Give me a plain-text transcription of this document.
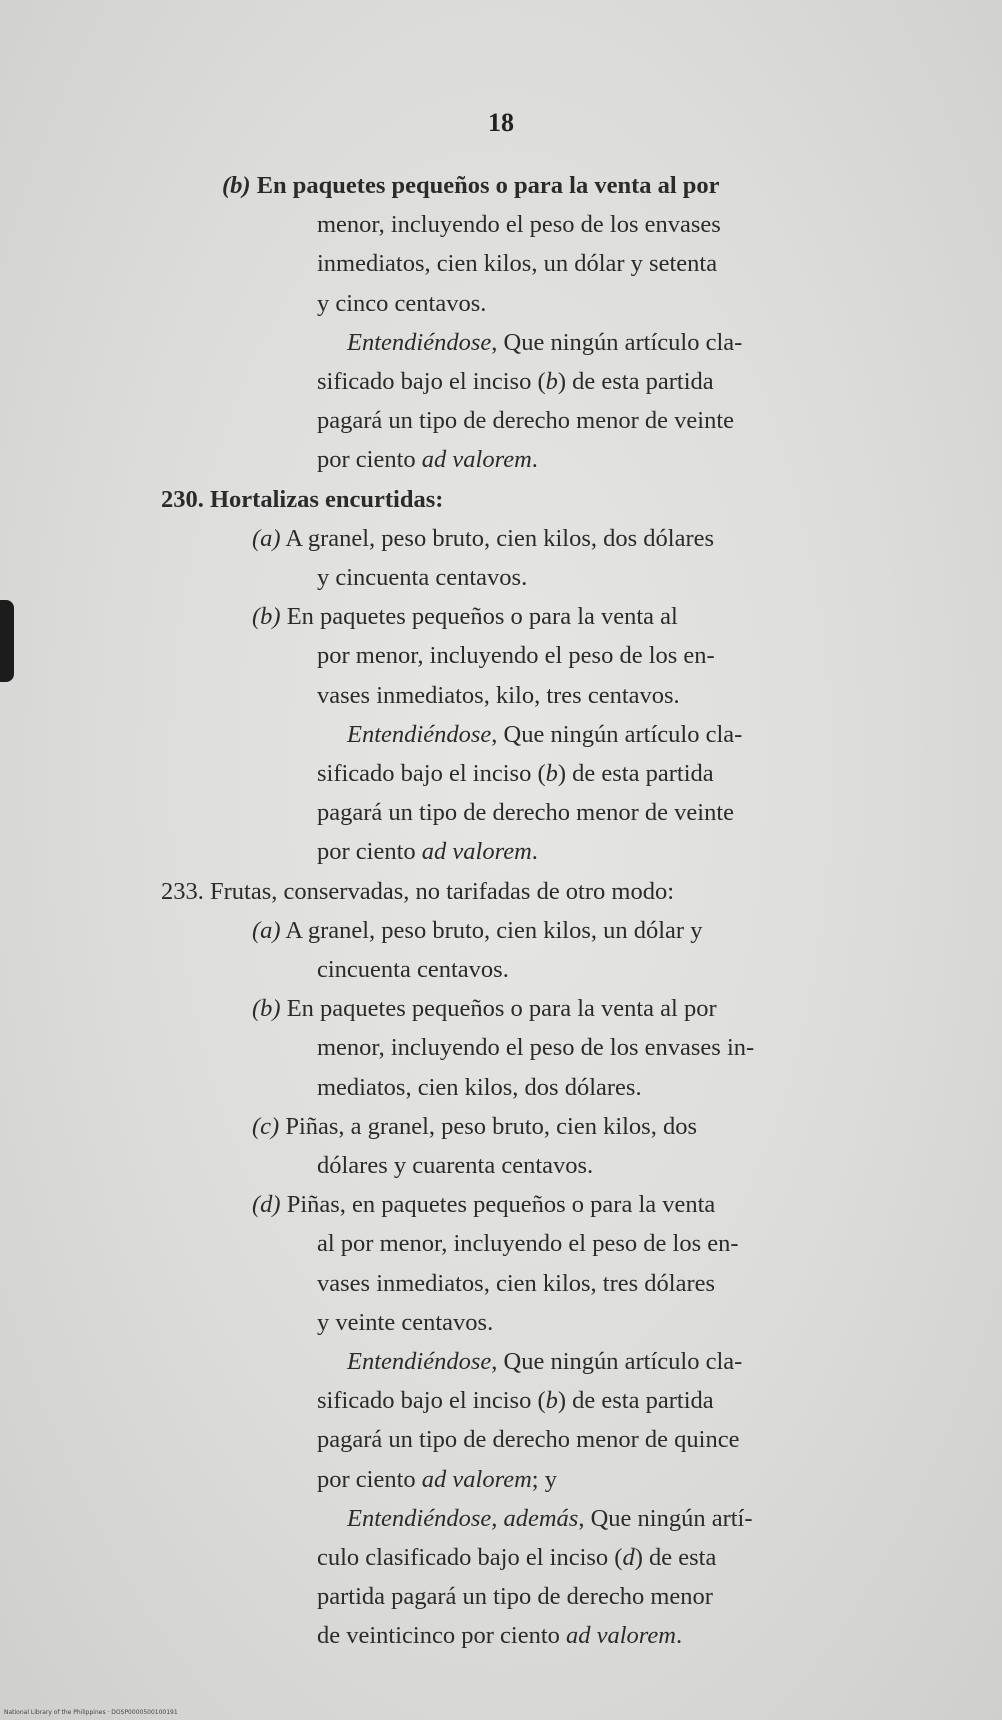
18
(b) En paquetes pequeños o para la venta al por
menor, incluyendo el peso de los envases
inmediatos, cien kilos, un dólar y setenta
y cinco centavos.
Entendiéndose, Que ningún artículo cla-
sificado bajo el inciso (b) de esta partida
pagará un tipo de derecho menor de veinte
por ciento ad valorem.
230. Hortalizas encurtidas:
(a) A granel, peso bruto, cien kilos, dos dólares
y cincuenta centavos.
(b) En paquetes pequeños o para la venta al
por menor, incluyendo el peso de los en-
vases inmediatos, kilo, tres centavos.
Entendiéndose, Que ningún artículo cla-
sificado bajo el inciso (b) de esta partida
pagará un tipo de derecho menor de veinte
por ciento ad valorem.
233. Frutas, conservadas, no tarifadas de otro modo:
(a) A granel, peso bruto, cien kilos, un dólar y
cincuenta centavos.
(b) En paquetes pequeños o para la venta al por
menor, incluyendo el peso de los envases in-
mediatos, cien kilos, dos dólares.
(c) Piñas, a granel, peso bruto, cien kilos, dos
dólares y cuarenta centavos.
(d) Piñas, en paquetes pequeños o para la venta
al por menor, incluyendo el peso de los en-
vases inmediatos, cien kilos, tres dólares
y veinte centavos.
Entendiéndose, Que ningún artículo cla-
sificado bajo el inciso (b) de esta partida
pagará un tipo de derecho menor de quince
por ciento ad valorem; y
Entendiéndose, además, Que ningún artí-
culo clasificado bajo el inciso (d) de esta
partida pagará un tipo de derecho menor
de veinticinco por ciento ad valorem.
National Library of the Philippines · DOSP0000500100191
